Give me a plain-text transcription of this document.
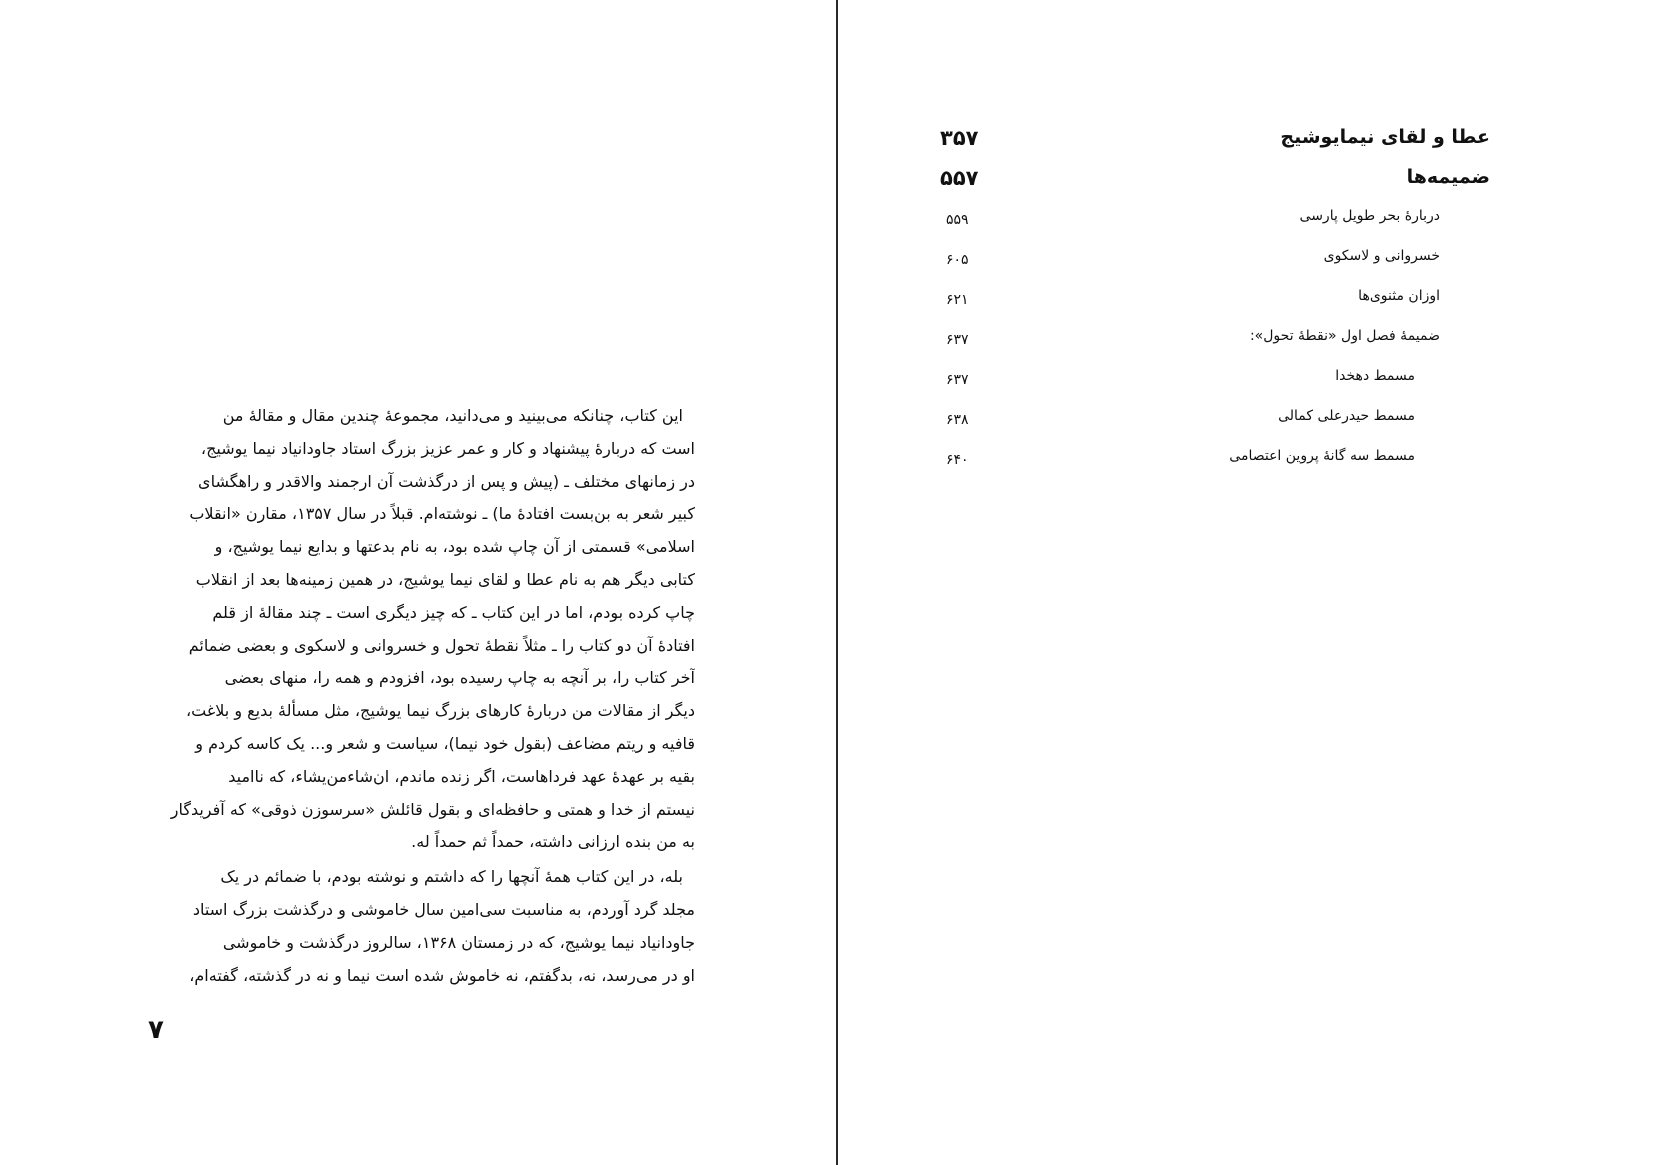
این کتاب، چنانکه می‌بینید و می‌دانید، مجموعهٔ چندین مقال و مقالهٔ من
است که دربارهٔ پیشنهاد و کار و عمر عزیز بزرگ استاد جاودانیاد نیما یوشیج،
در زمانهای مختلف ـ (پیش و پس از درگذشت آن ارجمند والاقدر و راهگشای
کبیر شعر به بن‌بست افتادهٔ ما) ـ نوشته‌ام. قبلاً در سال ۱۳۵۷، مقارن «انقلاب
اسلامی» قسمتی از آن چاپ شده بود، به نام بدعتها و بدایع نیما یوشیج، و
کتابی دیگر هم به نام عطا و لقای نیما یوشیج، در همین زمینه‌ها بعد از انقلاب
چاپ کرده بودم، اما در این کتاب ـ که چیز دیگری است ـ چند مقالهٔ از قلم
افتادهٔ آن دو کتاب را ـ مثلاً نقطهٔ تحول و خسروانی و لاسکوی و بعضی ضمائم
آخر کتاب را، بر آنچه به چاپ رسیده بود، افزودم و همه را، منهای بعضی
دیگر از مقالات من دربارهٔ کارهای بزرگ نیما یوشیج، مثل مسألهٔ بدیع و بلاغت،
قافیه و ریتم مضاعف (بقول خود نیما)، سیاست و شعر و... یک کاسه کردم و
بقیه بر عهدهٔ عهد فرداهاست، اگر زنده ماندم، ان‌شاءمن‌یشاء، که ناامید
نیستم از خدا و همتی و حافظه‌ای و بقول قائلش «سرسوزن ذوقی» که آفریدگار
به من بنده ارزانی داشته، حمداً ثم حمداً له.

بله، در این کتاب همهٔ آنچها را که داشتم و نوشته بودم، با ضمائم در یک
مجلد گرد آوردم، به مناسبت سی‌امین سال خاموشی و درگذشت بزرگ استاد
جاودانیاد نیما یوشیج، که در زمستان ۱۳۶۸، سالروز درگذشت و خاموشی
او در می‌رسد، نه، بدگفتم، نه خاموش شده است نیما و نه در گذشته، گفته‌ام،

۷
عطا و لقای نیمایوشیج
۳۵۷
ضمیمه‌ها
۵۵۷
دربارهٔ بحر طویل پارسی
۵۵۹
خسروانی و لاسکوی
۶۰۵
اوزان مثنوی‌ها
۶۲۱
ضمیمهٔ فصل اول «نقطهٔ تحول»:
۶۳۷
مسمط دهخدا
۶۳۷
مسمط حیدرعلی کمالی
۶۳۸
مسمط سه گانهٔ پروین اعتصامی
۶۴۰
